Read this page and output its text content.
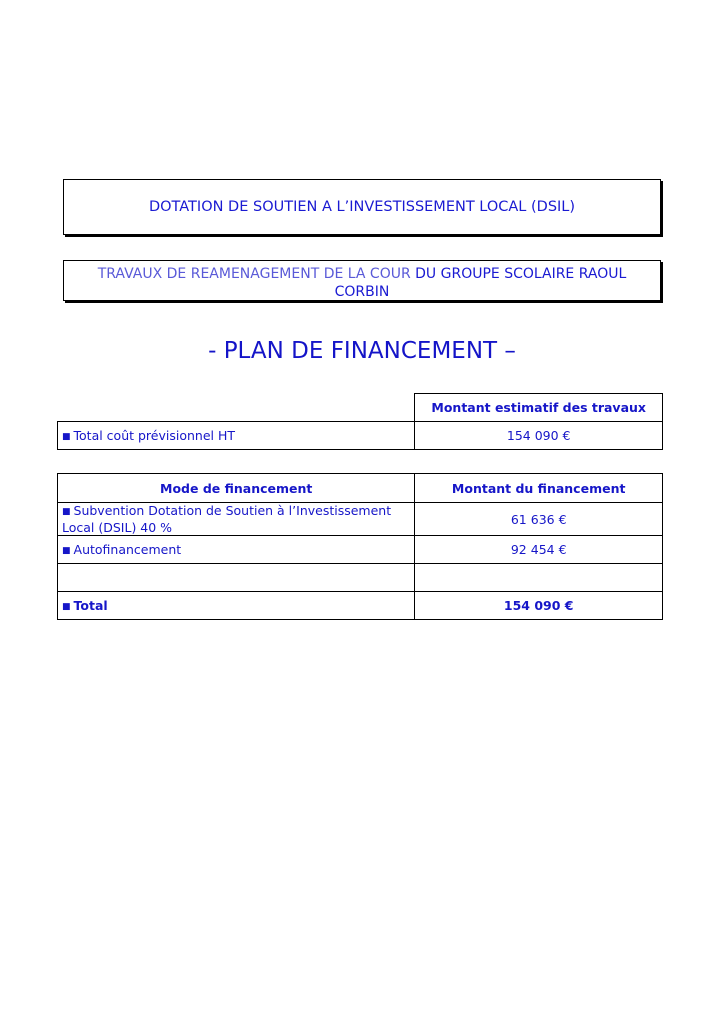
DOTATION DE SOUTIEN A L’INVESTISSEMENT LOCAL (DSIL)
TRAVAUX DE REAMENAGEMENT DE LA COUR DU GROUPE SCOLAIRE RAOUL
CORBIN
- PLAN DE FINANCEMENT –
	Montant estimatif des travaux
■ Total coût prévisionnel HT	154 090 €
Mode de financement	Montant du financement
■ Subvention Dotation de Soutien à l’Investissement Local (DSIL) 40 %	61 636 €
■ Autofinancement	92 454 €

■ Total	154 090 €
